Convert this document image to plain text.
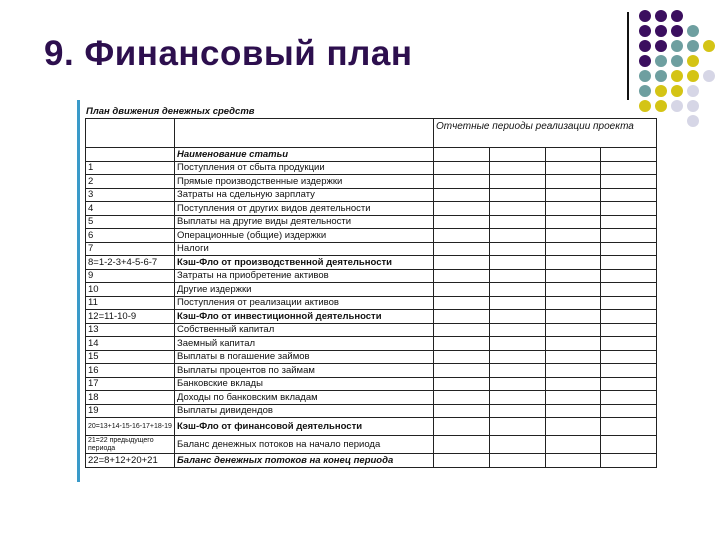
9. Финансовый план
План движения денежных средств
		Отчетные периоды реализации проекта			
	Наименование статьи				
1	Поступления от сбыта продукции				
2	Прямые производственные издержки				
3	Затраты на сдельную зарплату				
4	Поступления от других видов деятельности				
5	Выплаты на другие виды деятельности				
6	Операционные (общие) издержки				
7	Налоги				
8=1-2-3+4-5-6-7	Кэш-Фло от производственной деятельности				
9	Затраты на приобретение активов				
10	Другие издержки				
11	Поступления от реализации активов				
12=11-10-9	Кэш-Фло от инвестиционной деятельности				
13	Собственный капитал				
14	Заемный капитал				
15	Выплаты в погашение займов				
16	Выплаты процентов по займам				
17	Банковские вклады				
18	Доходы по банковским вкладам				
19	Выплаты дивидендов				
20=13+14-15-16-17+18-19	Кэш-Фло от финансовой деятельности				
21=22 предыдущего периода	Баланс денежных потоков на начало периода				
22=8+12+20+21	Баланс денежных потоков на конец периода				
